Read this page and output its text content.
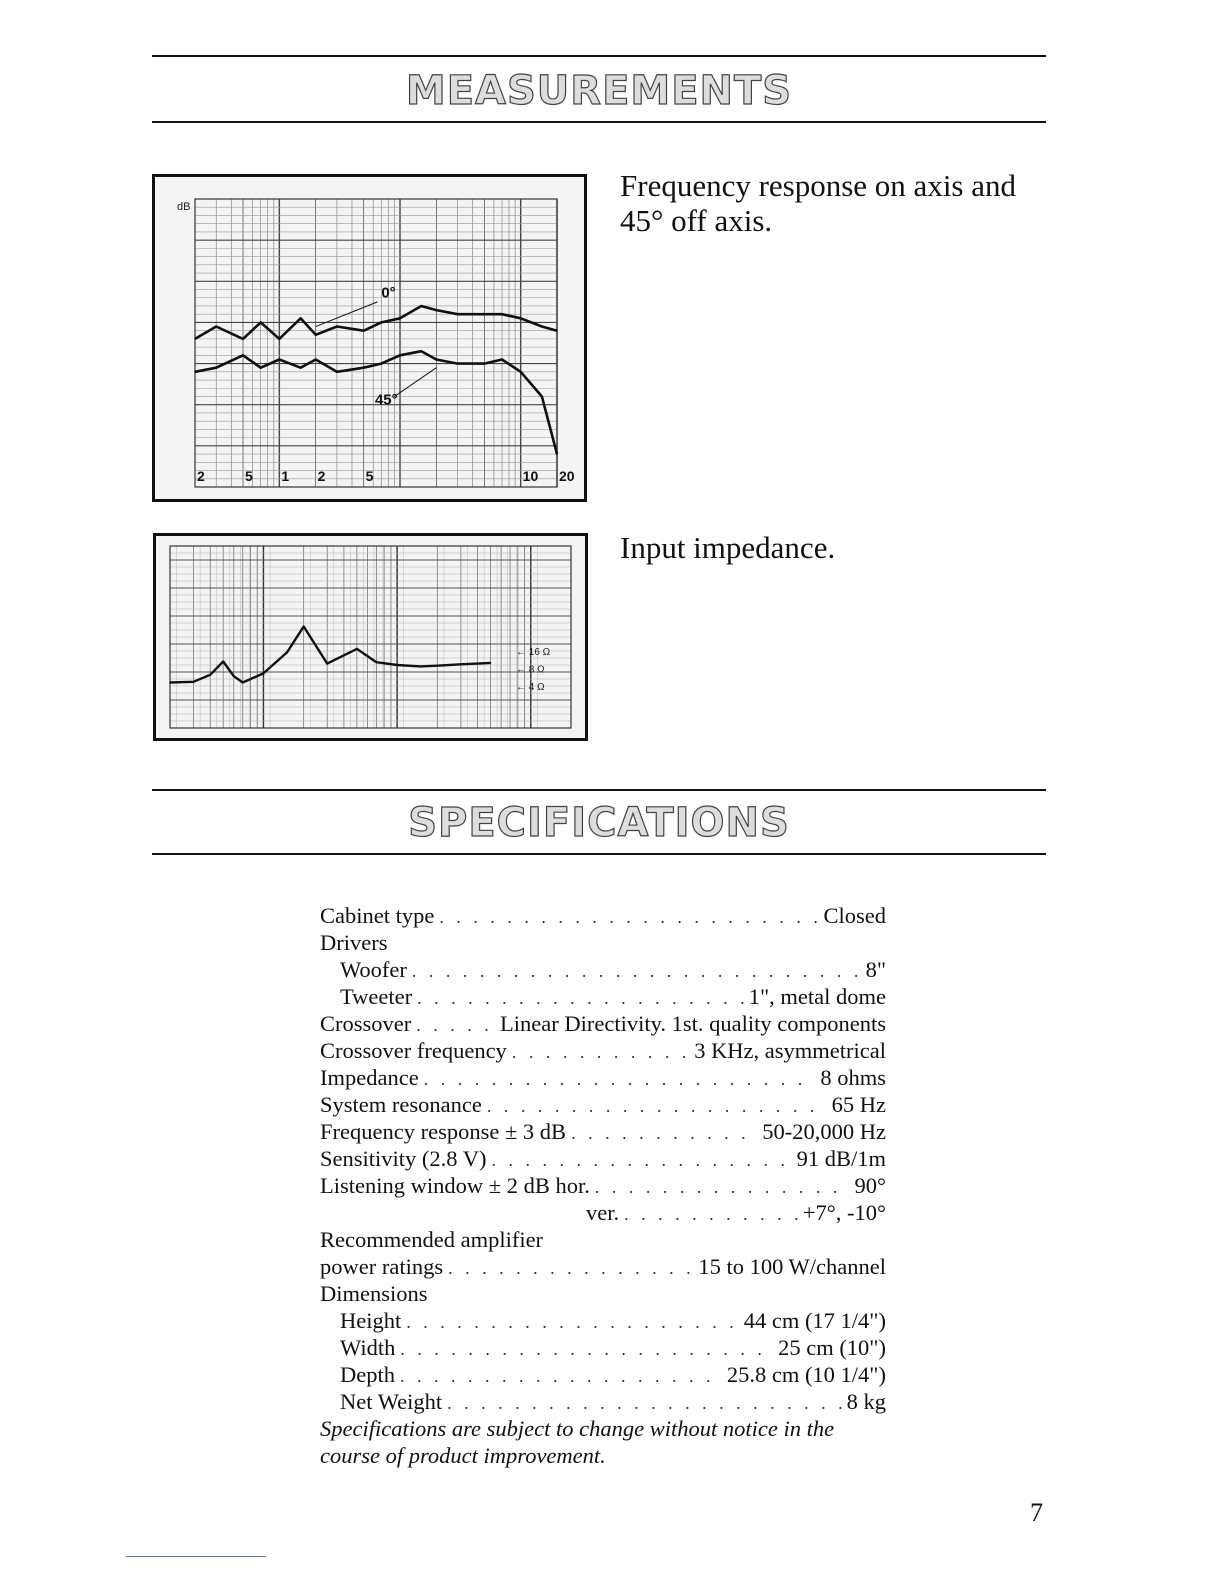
MEASUREMENTS
dB
2	5 1 2	5	10 20
0°
45°
Frequency response on axis and
45° off axis.
← 16 Ω
← 8 Ω
← 4 Ω
Input impedance.
SPECIFICATIONS
Cabinet type . . .	Closed
Drivers
Woofer . . .	8"
Tweeter . . .	1", metal dome
Crossover . . .	Linear Directivity. 1st. quality components
Crossover frequency . . .	3 KHz, asymmetrical
Impedance . . .	8 ohms
System resonance . . .	65 Hz
Frequency response ± 3 dB . . .	50-20,000 Hz
Sensitivity (2.8 V) . . .	91 dB/1m
Listening window ± 2 dB hor. . . .	90°
ver. . . .	+7°, -10°
Recommended amplifier
power ratings . . .	15 to 100 W/channel
Dimensions
Height . . .	44 cm (17 1/4")
Width . . .	25 cm (10")
Depth . . .	25.8 cm (10 1/4")
Net Weight . . .	8 kg
Specifications are subject to change without notice in the
course of product improvement.
7
